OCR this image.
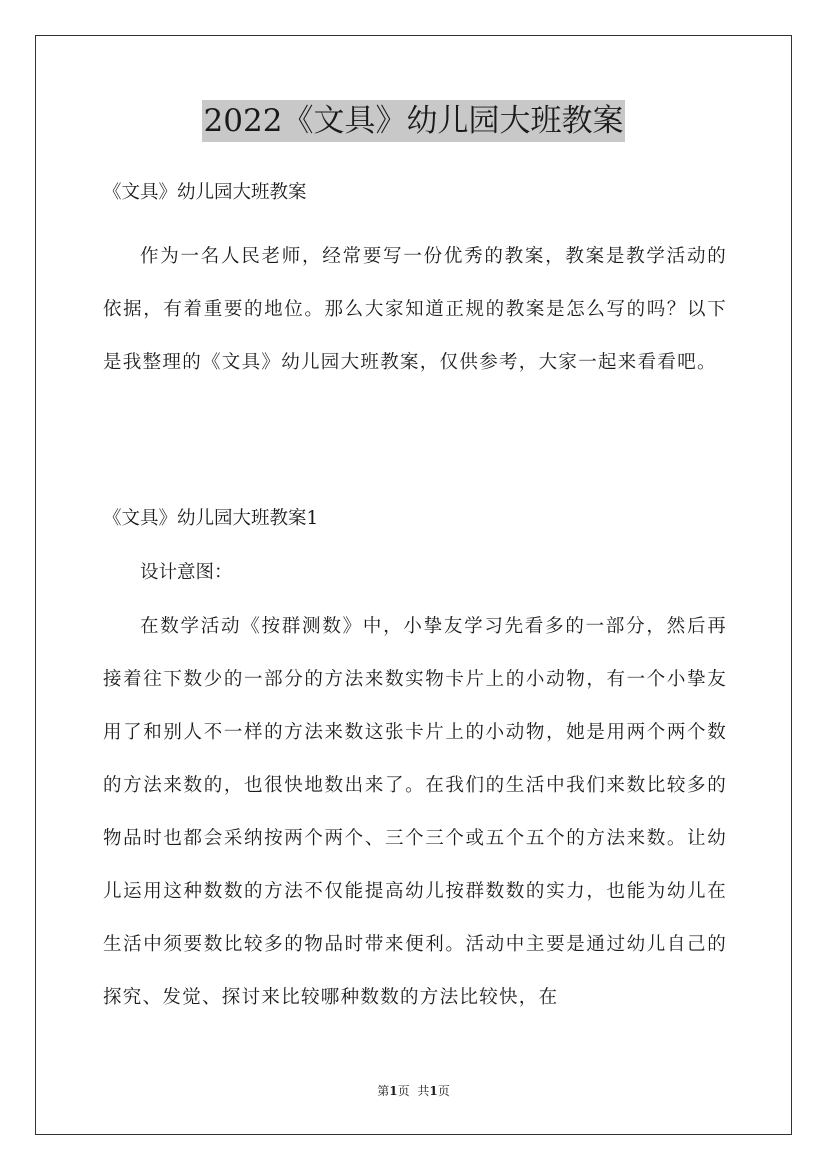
2022《文具》幼儿园大班教案

《文具》幼儿园大班教案

作为一名人民老师，经常要写一份优秀的教案，教案是教学活动的依据，有着重要的地位。那么大家知道正规的教案是怎么写的吗？以下是我整理的《文具》幼儿园大班教案，仅供参考，大家一起来看看吧。

《文具》幼儿园大班教案1

设计意图：

在数学活动《按群测数》中，小挚友学习先看多的一部分，然后再接着往下数少的一部分的方法来数实物卡片上的小动物，有一个小挚友用了和别人不一样的方法来数这张卡片上的小动物，她是用两个两个数的方法来数的，也很快地数出来了。在我们的生活中我们来数比较多的物品时也都会采纳按两个两个、三个三个或五个五个的方法来数。让幼儿运用这种数数的方法不仅能提高幼儿按群数数的实力，也能为幼儿在生活中须要数比较多的物品时带来便利。活动中主要是通过幼儿自己的探究、发觉、探讨来比较哪种数数的方法比较快，在

第1页 共1页
